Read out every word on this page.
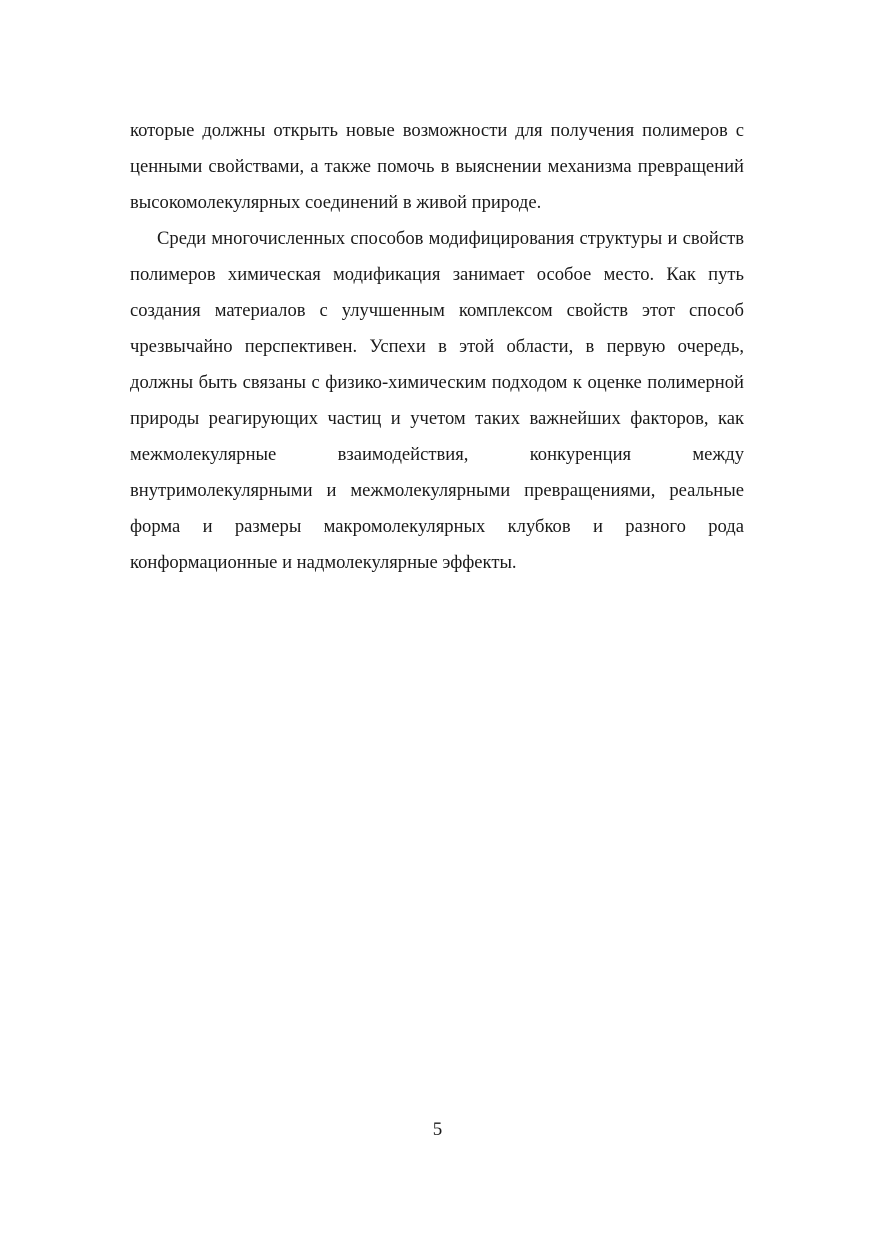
которые должны открыть новые возможности для получения полимеров с ценными свойствами, а также помочь в выяснении механизма превращений высокомолекулярных соединений в живой природе.

Среди многочисленных способов модифицирования структуры и свойств полимеров химическая модификация занимает особое место. Как путь создания материалов с улучшенным комплексом свойств этот способ чрезвычайно перспективен. Успехи в этой области, в первую очередь, должны быть связаны с физико-химическим подходом к оценке полимерной природы реагирующих частиц и учетом таких важнейших факторов, как межмолекулярные взаимодействия, конкуренция между внутримолекулярными и межмолекулярными превращениями, реальные форма и размеры макромолекулярных клубков и разного рода конформационные и надмолекулярные эффекты.

5
